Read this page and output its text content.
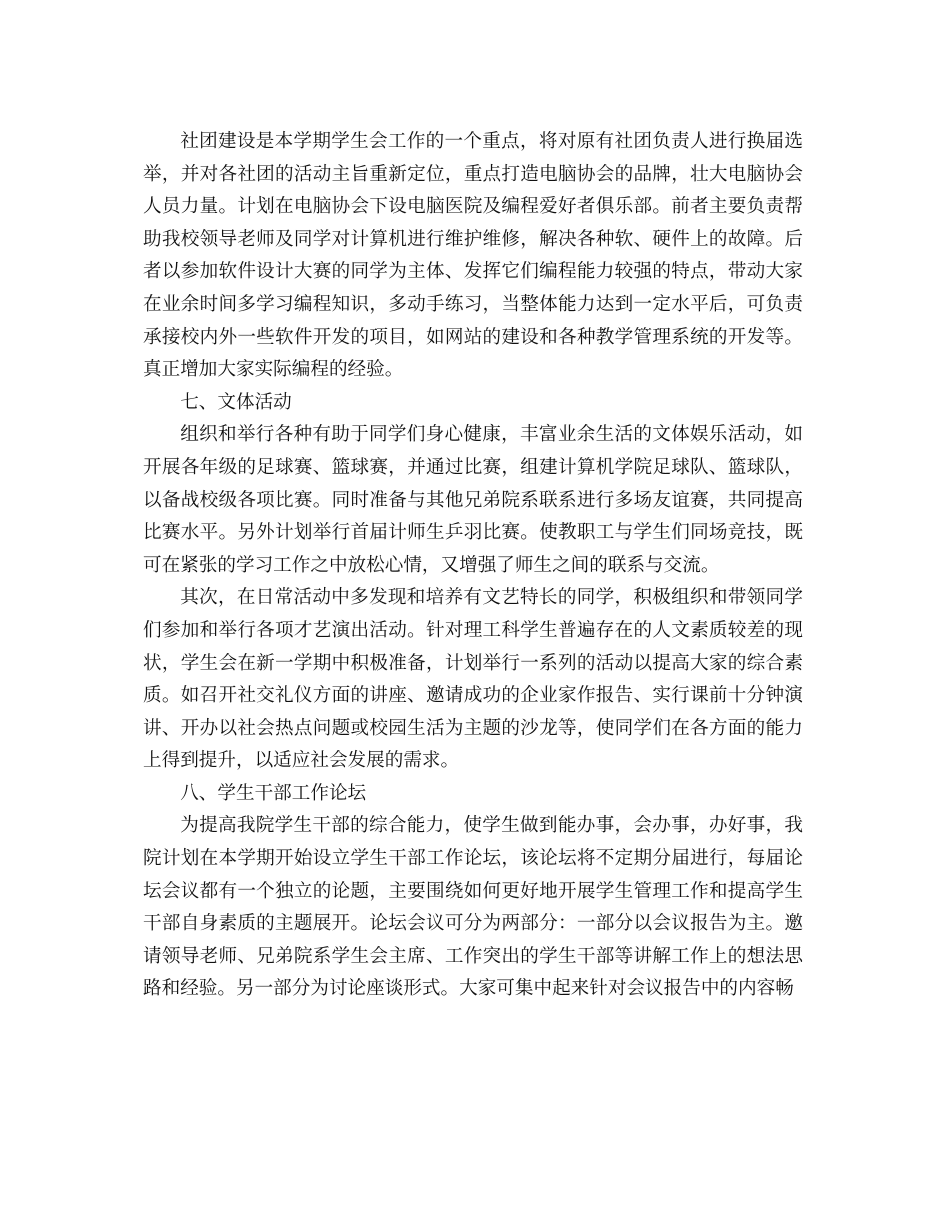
社团建设是本学期学生会工作的一个重点，将对原有社团负责人进行换届选举，并对各社团的活动主旨重新定位，重点打造电脑协会的品牌，壮大电脑协会人员力量。计划在电脑协会下设电脑医院及编程爱好者俱乐部。前者主要负责帮助我校领导老师及同学对计算机进行维护维修，解决各种软、硬件上的故障。后者以参加软件设计大赛的同学为主体、发挥它们编程能力较强的特点，带动大家在业余时间多学习编程知识，多动手练习，当整体能力达到一定水平后，可负责承接校内外一些软件开发的项目，如网站的建设和各种教学管理系统的开发等。真正增加大家实际编程的经验。

七、文体活动

组织和举行各种有助于同学们身心健康，丰富业余生活的文体娱乐活动，如开展各年级的足球赛、篮球赛，并通过比赛，组建计算机学院足球队、篮球队，以备战校级各项比赛。同时准备与其他兄弟院系联系进行多场友谊赛，共同提高比赛水平。另外计划举行首届计师生乒羽比赛。使教职工与学生们同场竞技，既可在紧张的学习工作之中放松心情，又增强了师生之间的联系与交流。

其次，在日常活动中多发现和培养有文艺特长的同学，积极组织和带领同学们参加和举行各项才艺演出活动。针对理工科学生普遍存在的人文素质较差的现状，学生会在新一学期中积极准备，计划举行一系列的活动以提高大家的综合素质。如召开社交礼仪方面的讲座、邀请成功的企业家作报告、实行课前十分钟演讲、开办以社会热点问题或校园生活为主题的沙龙等，使同学们在各方面的能力上得到提升，以适应社会发展的需求。

八、学生干部工作论坛

为提高我院学生干部的综合能力，使学生做到能办事，会办事，办好事，我院计划在本学期开始设立学生干部工作论坛，该论坛将不定期分届进行，每届论坛会议都有一个独立的论题，主要围绕如何更好地开展学生管理工作和提高学生干部自身素质的主题展开。论坛会议可分为两部分：一部分以会议报告为主。邀请领导老师、兄弟院系学生会主席、工作突出的学生干部等讲解工作上的想法思路和经验。另一部分为讨论座谈形式。大家可集中起来针对会议报告中的内容畅
